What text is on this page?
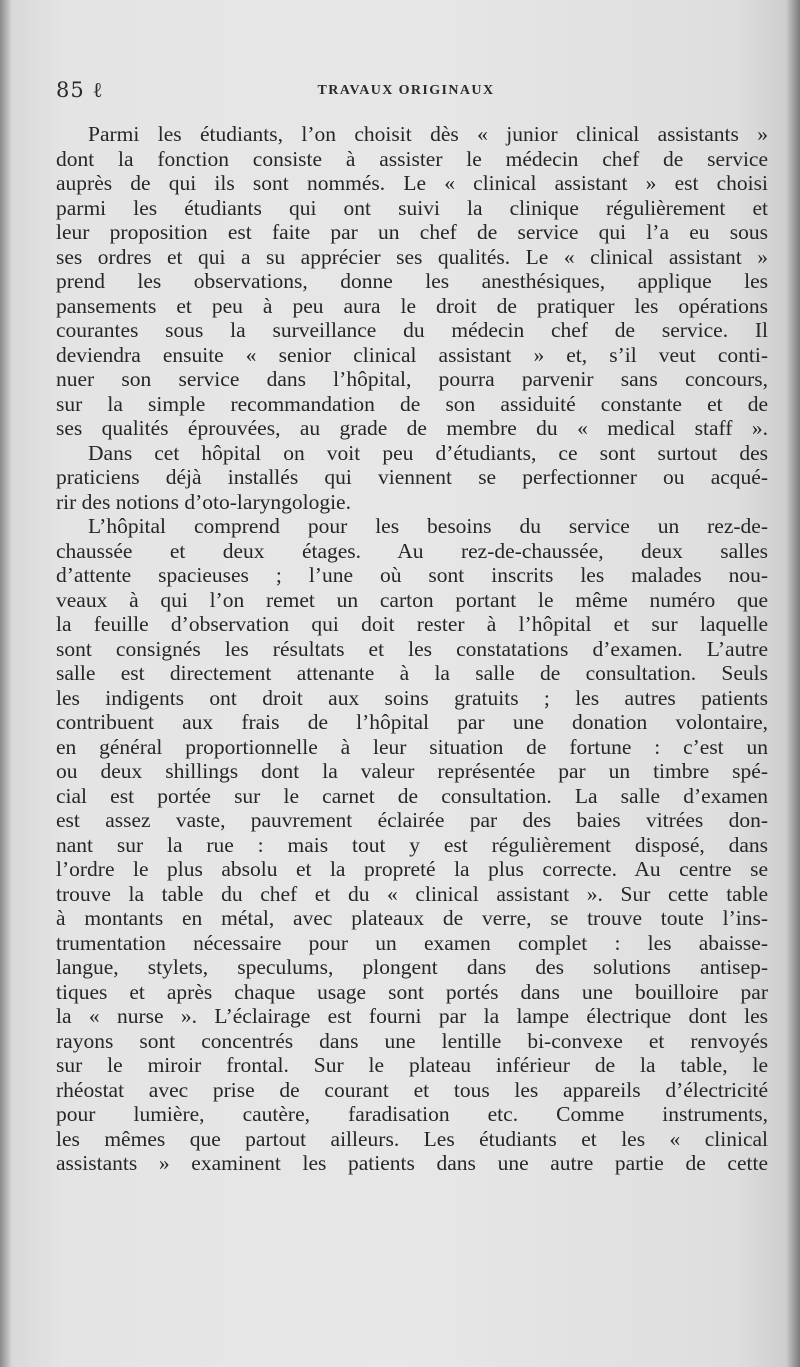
85 ℓ	TRAVAUX ORIGINAUX
Parmi les étudiants, l’on choisit dès « junior clinical assistants »
dont la fonction consiste à assister le médecin chef de service
auprès de qui ils sont nommés. Le « clinical assistant » est choisi
parmi les étudiants qui ont suivi la clinique régulièrement et
leur proposition est faite par un chef de service qui l’a eu sous
ses ordres et qui a su apprécier ses qualités. Le « clinical assistant »
prend les observations, donne les anesthésiques, applique les
pansements et peu à peu aura le droit de pratiquer les opérations
courantes sous la surveillance du médecin chef de service. Il
deviendra ensuite « senior clinical assistant » et, s’il veut conti-
nuer son service dans l’hôpital, pourra parvenir sans concours,
sur la simple recommandation de son assiduité constante et de
ses qualités éprouvées, au grade de membre du « medical staff ».
Dans cet hôpital on voit peu d’étudiants, ce sont surtout des
praticiens déjà installés qui viennent se perfectionner ou acqué-
rir des notions d’oto-laryngologie.
L’hôpital comprend pour les besoins du service un rez-de-
chaussée et deux étages. Au rez-de-chaussée, deux salles
d’attente spacieuses ; l’une où sont inscrits les malades nou-
veaux à qui l’on remet un carton portant le même numéro que
la feuille d’observation qui doit rester à l’hôpital et sur laquelle
sont consignés les résultats et les constatations d’examen. L’autre
salle est directement attenante à la salle de consultation. Seuls
les indigents ont droit aux soins gratuits ; les autres patients
contribuent aux frais de l’hôpital par une donation volontaire,
en général proportionnelle à leur situation de fortune : c’est un
ou deux shillings dont la valeur représentée par un timbre spé-
cial est portée sur le carnet de consultation. La salle d’examen
est assez vaste, pauvrement éclairée par des baies vitrées don-
nant sur la rue : mais tout y est régulièrement disposé, dans
l’ordre le plus absolu et la propreté la plus correcte. Au centre se
trouve la table du chef et du « clinical assistant ». Sur cette table
à montants en métal, avec plateaux de verre, se trouve toute l’ins-
trumentation nécessaire pour un examen complet : les abaisse-
langue, stylets, speculums, plongent dans des solutions antisep-
tiques et après chaque usage sont portés dans une bouilloire par
la « nurse ». L’éclairage est fourni par la lampe électrique dont les
rayons sont concentrés dans une lentille bi-convexe et renvoyés
sur le miroir frontal. Sur le plateau inférieur de la table, le
rhéostat avec prise de courant et tous les appareils d’électricité
pour lumière, cautère, faradisation etc. Comme instruments,
les mêmes que partout ailleurs. Les étudiants et les « clinical
assistants » examinent les patients dans une autre partie de cette
